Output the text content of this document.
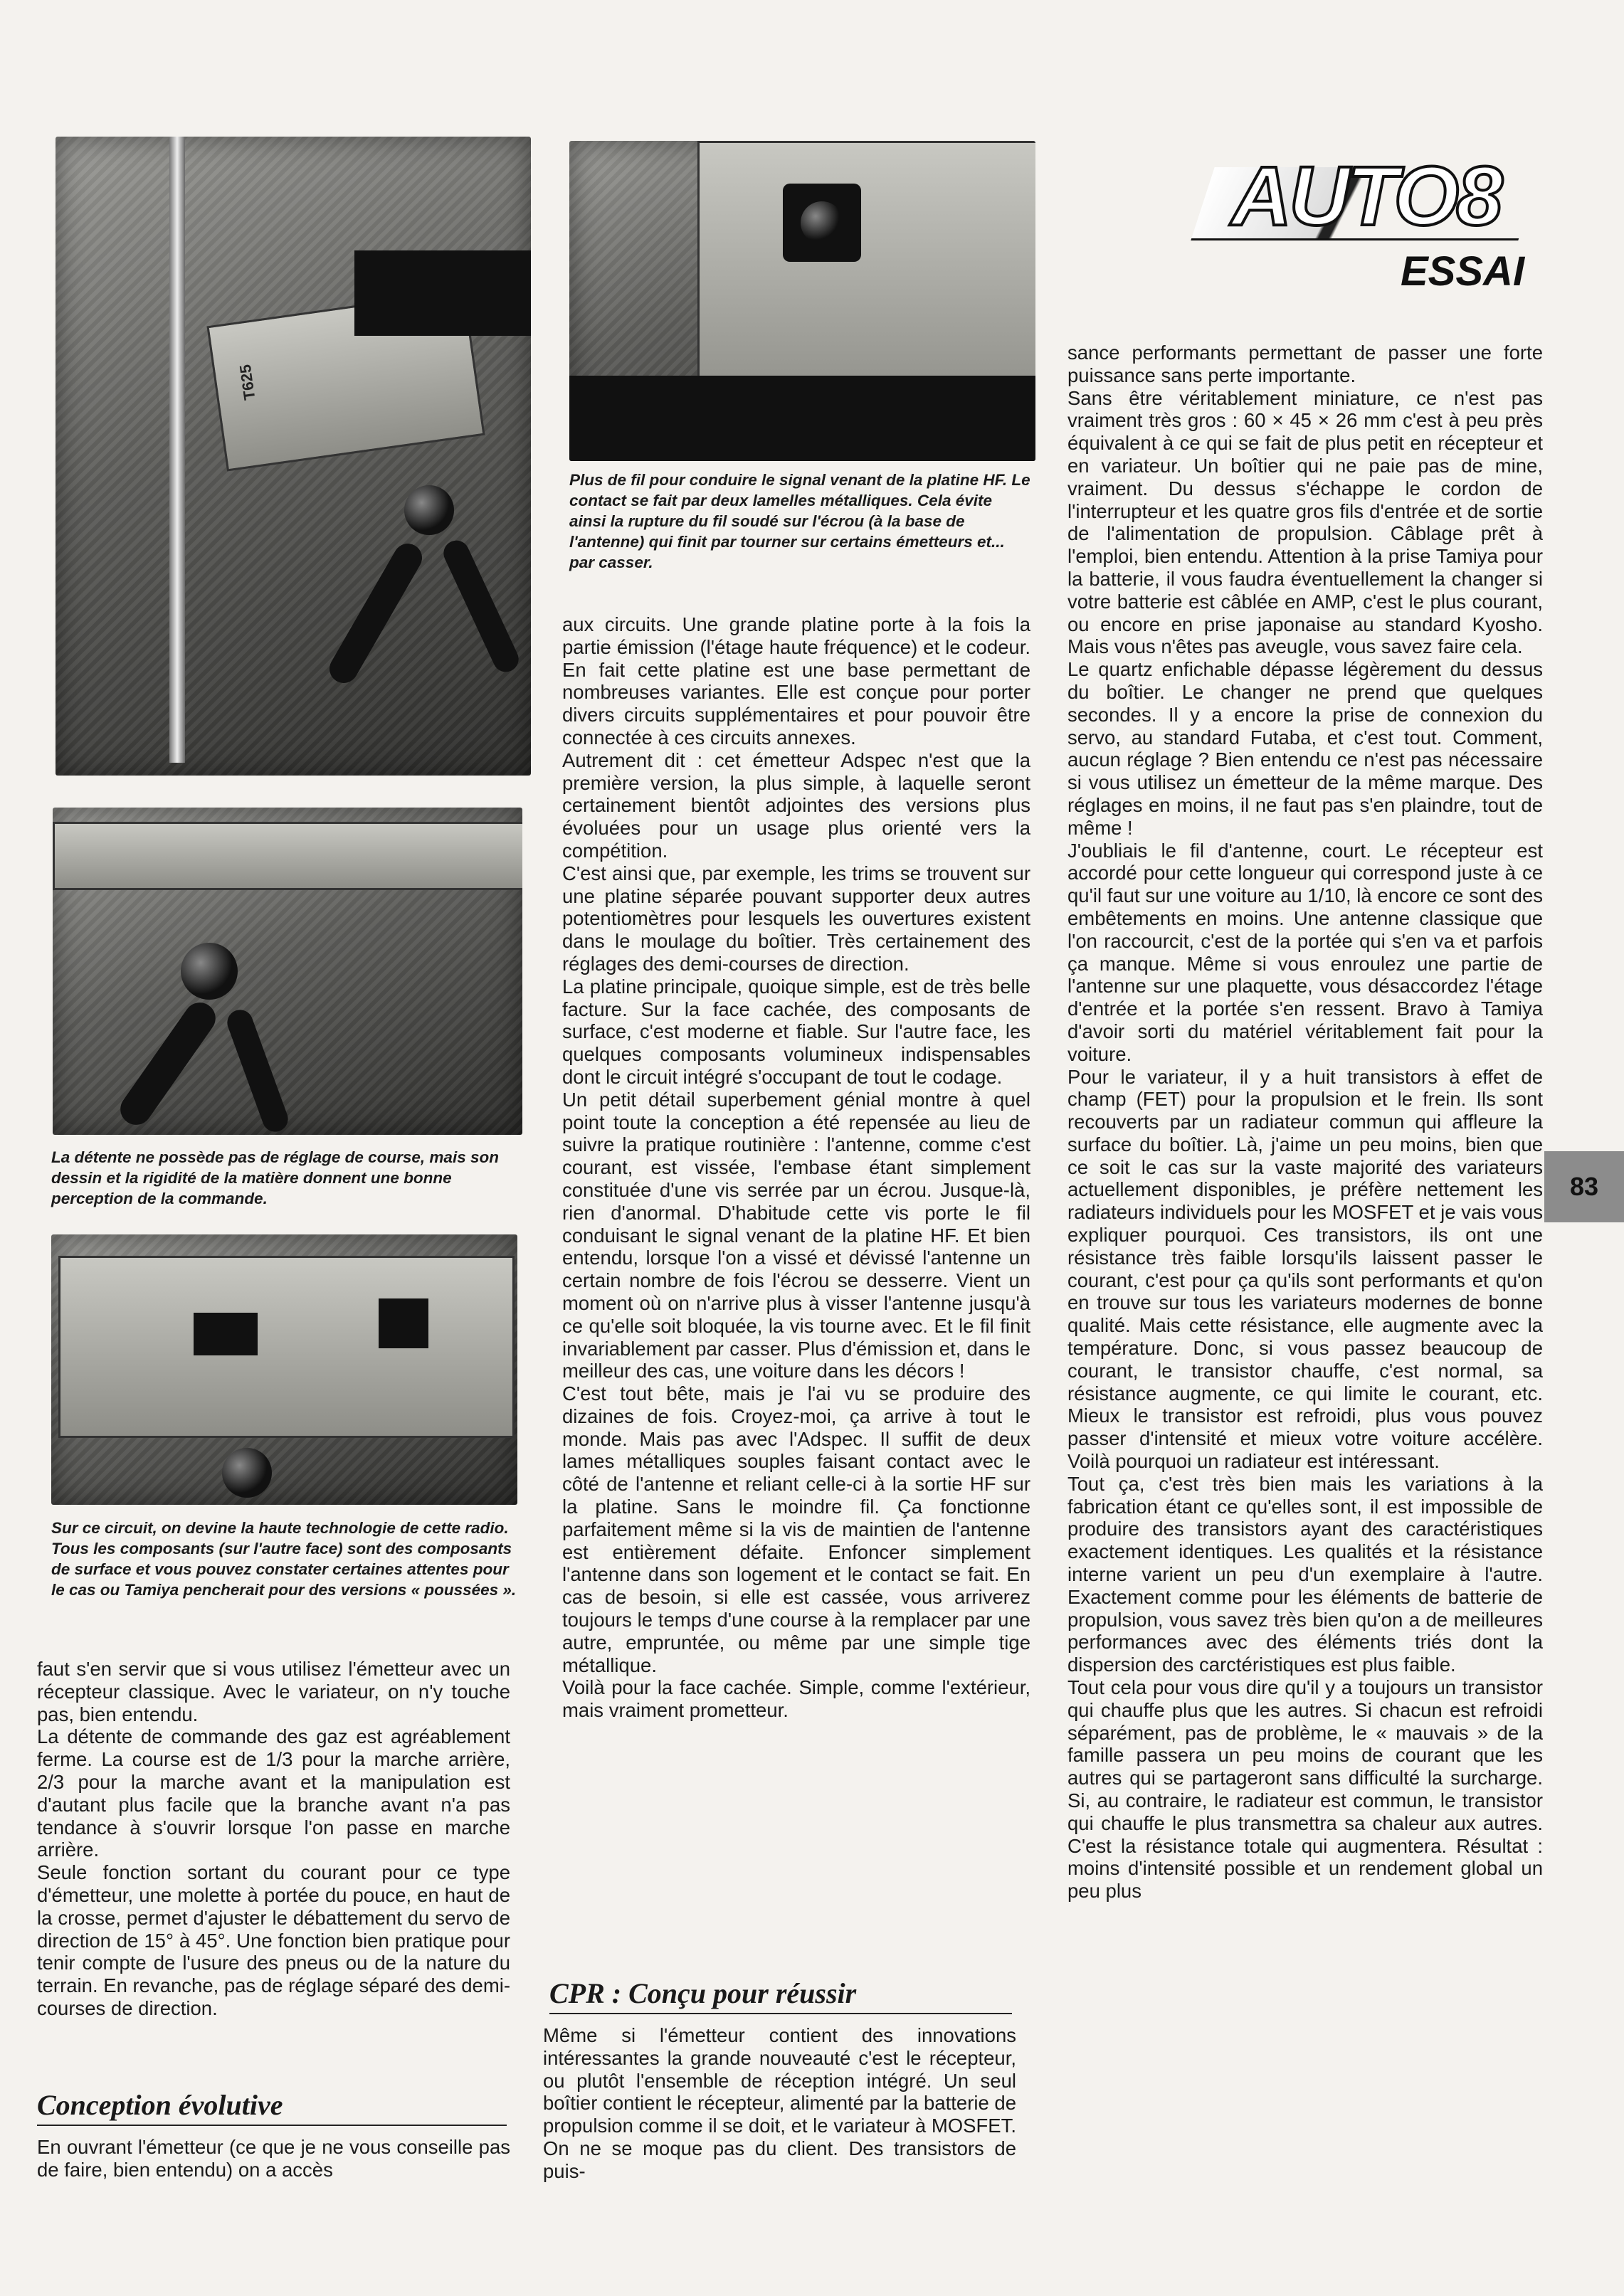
AUTO8
ESSAI
T625
Plus de fil pour conduire le signal venant de la platine HF. Le contact se fait par deux lamelles métalliques. Cela évite ainsi la rupture du fil soudé sur l'écrou (à la base de l'antenne) qui finit par tourner sur certains émetteurs et... par casser.
La détente ne possède pas de réglage de course, mais son dessin et la rigidité de la matière donnent une bonne perception de la commande.
Sur ce circuit, on devine la haute technologie de cette radio. Tous les composants (sur l'autre face) sont des composants de surface et vous pouvez constater certaines attentes pour le cas ou Tamiya pencherait pour des versions « poussées ».

faut s'en servir que si vous utilisez l'émetteur avec un récepteur classique. Avec le variateur, on n'y touche pas, bien entendu.

La détente de commande des gaz est agréablement ferme. La course est de 1/3 pour la marche arrière, 2/3 pour la marche avant et la manipulation est d'autant plus facile que la branche avant n'a pas tendance à s'ouvrir lorsque l'on passe en marche arrière.

Seule fonction sortant du courant pour ce type d'émetteur, une molette à portée du pouce, en haut de la crosse, permet d'ajuster le débattement du servo de direction de 15° à 45°. Une fonction bien pratique pour tenir compte de l'usure des pneus ou de la nature du terrain. En revanche, pas de réglage séparé des demi-courses de direction.

Conception évolutive

En ouvrant l'émetteur (ce que je ne vous conseille pas de faire, bien entendu) on a accès

aux circuits. Une grande platine porte à la fois la partie émission (l'étage haute fréquence) et le codeur. En fait cette platine est une base permettant de nombreuses variantes. Elle est conçue pour porter divers circuits supplémentaires et pour pouvoir être connectée à ces circuits annexes.

Autrement dit : cet émetteur Adspec n'est que la première version, la plus simple, à laquelle seront certainement bientôt adjointes des versions plus évoluées pour un usage plus orienté vers la compétition.

C'est ainsi que, par exemple, les trims se trouvent sur une platine séparée pouvant supporter deux autres potentiomètres pour lesquels les ouvertures existent dans le moulage du boîtier. Très certainement des réglages des demi-courses de direction.

La platine principale, quoique simple, est de très belle facture. Sur la face cachée, des composants de surface, c'est moderne et fiable. Sur l'autre face, les quelques composants volumineux indispensables dont le circuit intégré s'occupant de tout le codage.

Un petit détail superbement génial montre à quel point toute la conception a été repensée au lieu de suivre la pratique routinière : l'antenne, comme c'est courant, est vissée, l'embase étant simplement constituée d'une vis serrée par un écrou. Jusque-là, rien d'anormal. D'habitude cette vis porte le fil conduisant le signal venant de la platine HF. Et bien entendu, lorsque l'on a vissé et dévissé l'antenne un certain nombre de fois l'écrou se desserre. Vient un moment où on n'arrive plus à visser l'antenne jusqu'à ce qu'elle soit bloquée, la vis tourne avec. Et le fil finit invariablement par casser. Plus d'émission et, dans le meilleur des cas, une voiture dans les décors !

C'est tout bête, mais je l'ai vu se produire des dizaines de fois. Croyez-moi, ça arrive à tout le monde. Mais pas avec l'Adspec. Il suffit de deux lames métalliques souples faisant contact avec le côté de l'antenne et reliant celle-ci à la sortie HF sur la platine. Sans le moindre fil. Ça fonctionne parfaitement même si la vis de maintien de l'antenne est entièrement défaite. Enfoncer simplement l'antenne dans son logement et le contact se fait. En cas de besoin, si elle est cassée, vous arriverez toujours le temps d'une course à la remplacer par une autre, empruntée, ou même par une simple tige métallique.

Voilà pour la face cachée. Simple, comme l'extérieur, mais vraiment prometteur.

CPR : Conçu pour réussir

Même si l'émetteur contient des innovations intéressantes la grande nouveauté c'est le récepteur, ou plutôt l'ensemble de réception intégré. Un seul boîtier contient le récepteur, alimenté par la batterie de propulsion comme il se doit, et le variateur à MOSFET. On ne se moque pas du client. Des transistors de puis-

sance performants permettant de passer une forte puissance sans perte importante.

Sans être véritablement miniature, ce n'est pas vraiment très gros : 60 × 45 × 26 mm c'est à peu près équivalent à ce qui se fait de plus petit en récepteur et en variateur. Un boîtier qui ne paie pas de mine, vraiment. Du dessus s'échappe le cordon de l'interrupteur et les quatre gros fils d'entrée et de sortie de l'alimentation de propulsion. Câblage prêt à l'emploi, bien entendu. Attention à la prise Tamiya pour la batterie, il vous faudra éventuellement la changer si votre batterie est câblée en AMP, c'est le plus courant, ou encore en prise japonaise au standard Kyosho. Mais vous n'êtes pas aveugle, vous savez faire cela.

Le quartz enfichable dépasse légèrement du dessus du boîtier. Le changer ne prend que quelques secondes. Il y a encore la prise de connexion du servo, au standard Futaba, et c'est tout. Comment, aucun réglage ? Bien entendu ce n'est pas nécessaire si vous utilisez un émetteur de la même marque. Des réglages en moins, il ne faut pas s'en plaindre, tout de même !

J'oubliais le fil d'antenne, court. Le récepteur est accordé pour cette longueur qui correspond juste à ce qu'il faut sur une voiture au 1/10, là encore ce sont des embêtements en moins. Une antenne classique que l'on raccourcit, c'est de la portée qui s'en va et parfois ça manque. Même si vous enroulez une partie de l'antenne sur une plaquette, vous désaccordez l'étage d'entrée et la portée s'en ressent. Bravo à Tamiya d'avoir sorti du matériel véritablement fait pour la voiture.

Pour le variateur, il y a huit transistors à effet de champ (FET) pour la propulsion et le frein. Ils sont recouverts par un radiateur commun qui affleure la surface du boîtier. Là, j'aime un peu moins, bien que ce soit le cas sur la vaste majorité des variateurs actuellement disponibles, je préfère nettement les radiateurs individuels pour les MOSFET et je vais vous expliquer pourquoi. Ces transistors, ils ont une résistance très faible lorsqu'ils laissent passer le courant, c'est pour ça qu'ils sont performants et qu'on en trouve sur tous les variateurs modernes de bonne qualité. Mais cette résistance, elle augmente avec la température. Donc, si vous passez beaucoup de courant, le transistor chauffe, c'est normal, sa résistance augmente, ce qui limite le courant, etc. Mieux le transistor est refroidi, plus vous pouvez passer d'intensité et mieux votre voiture accélère. Voilà pourquoi un radiateur est intéressant.

Tout ça, c'est très bien mais les variations à la fabrication étant ce qu'elles sont, il est impossible de produire des transistors ayant des caractéristiques exactement identiques. Les qualités et la résistance interne varient un peu d'un exemplaire à l'autre. Exactement comme pour les éléments de batterie de propulsion, vous savez très bien qu'on a de meilleures performances avec des éléments triés dont la dispersion des carctéristiques est plus faible.

Tout cela pour vous dire qu'il y a toujours un transistor qui chauffe plus que les autres. Si chacun est refroidi séparément, pas de problème, le « mauvais » de la famille passera un peu moins de courant que les autres qui se partageront sans difficulté la surcharge. Si, au contraire, le radiateur est commun, le transistor qui chauffe le plus transmettra sa chaleur aux autres. C'est la résistance totale qui augmentera. Résultat : moins d'intensité possible et un rendement global un peu plus

83
